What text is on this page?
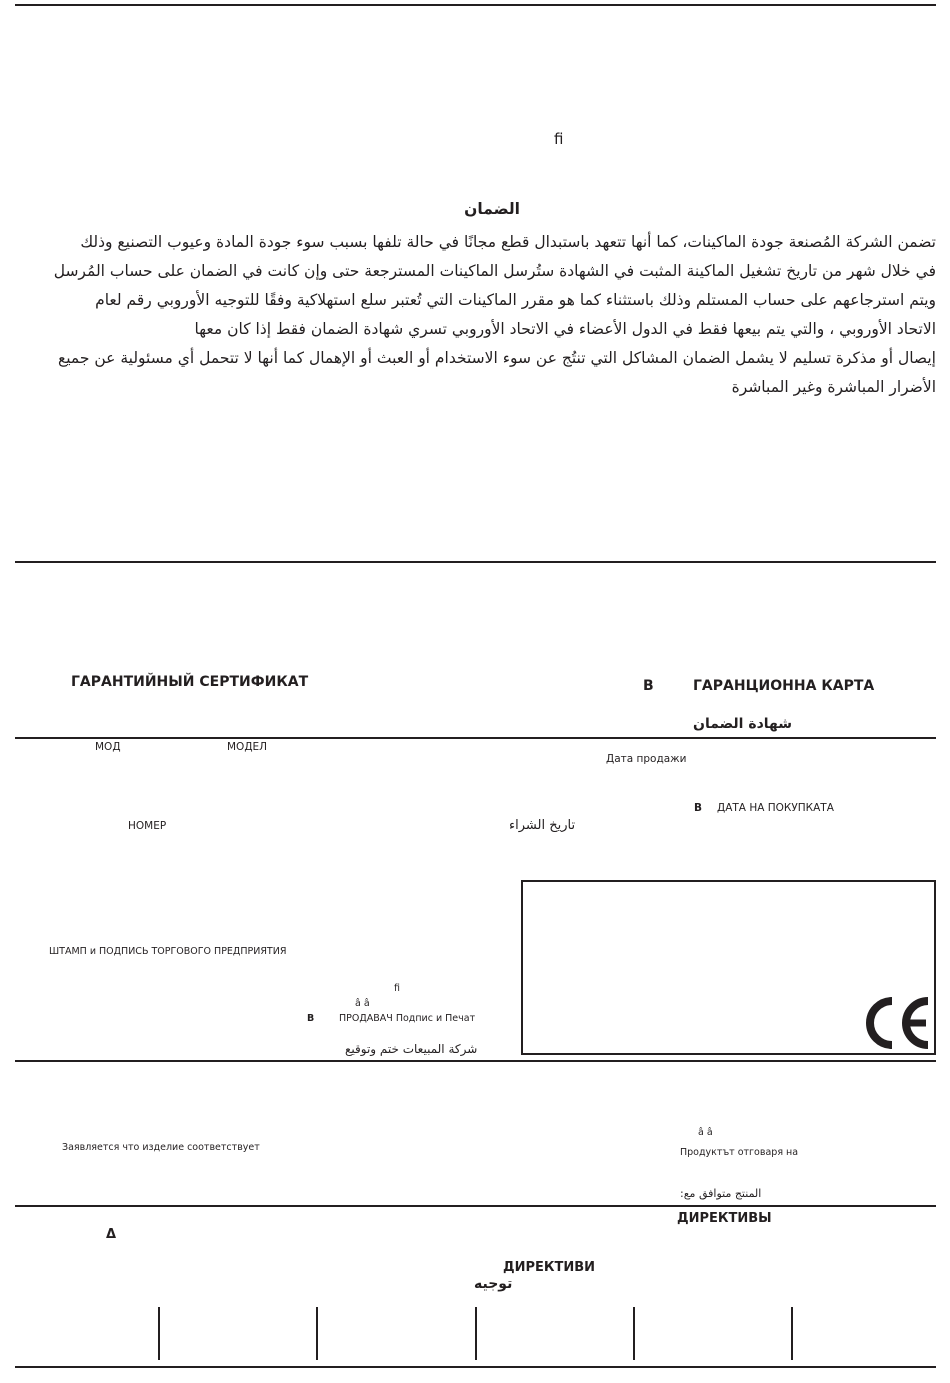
ﬁ
الضمان
تضمن الشركة المُصنعة جودة الماكينات، كما أنها تتعهد باستبدال قطع مجانًا في حالة تلفها بسبب سوء جودة المادة وعيوب التصنيع وذلك
في خلال شهر من تاريخ تشغيل الماكينة المثبت في الشهادة ستُرسل الماكينات المسترجعة حتى وإن كانت في الضمان على حساب المُرسل
ويتم استرجاعهم على حساب المستلم وذلك باستثناء كما هو مقرر الماكينات التي تُعتبر سلع استهلاكية وفقًا للتوجيه الأوروبي رقم لعام
الاتحاد الأوروبي ، والتي يتم بيعها فقط في الدول الأعضاء في الاتحاد الأوروبي تسري شهادة الضمان فقط إذا كان معها
إيصال أو مذكرة تسليم لا يشمل الضمان المشاكل التي تنتُج عن سوء الاستخدام أو العبث أو الإهمال كما أنها لا تتحمل أي مسئولية عن جميع
الأضرار المباشرة وغير المباشرة
ГАРАНТИЙНЫЙ СЕРТИФИКАТ	B	ГАРАНЦИОННА КАРТА
شهادة الضمان
МОД	МОДЕЛ
Дата продажи
B ДАТА НА ПОКУПКАТА
НОМЕР	تاريخ الشراء
ШТАМП и ПОДПИСЬ ТОРГОВОГО ПРЕДПРИЯТИЯ
ﬁ
â â
B	ПРОДАВАЧ Подпис и Печат
شركة المبيعات ختم وتوقيع
â â
Заявляется что изделие соответствует	Продуктът отговаря на
المنتج متوافق مع:
ДИРЕКТИВЫ
Δ
ДИРЕКТИВИ
توجيه
